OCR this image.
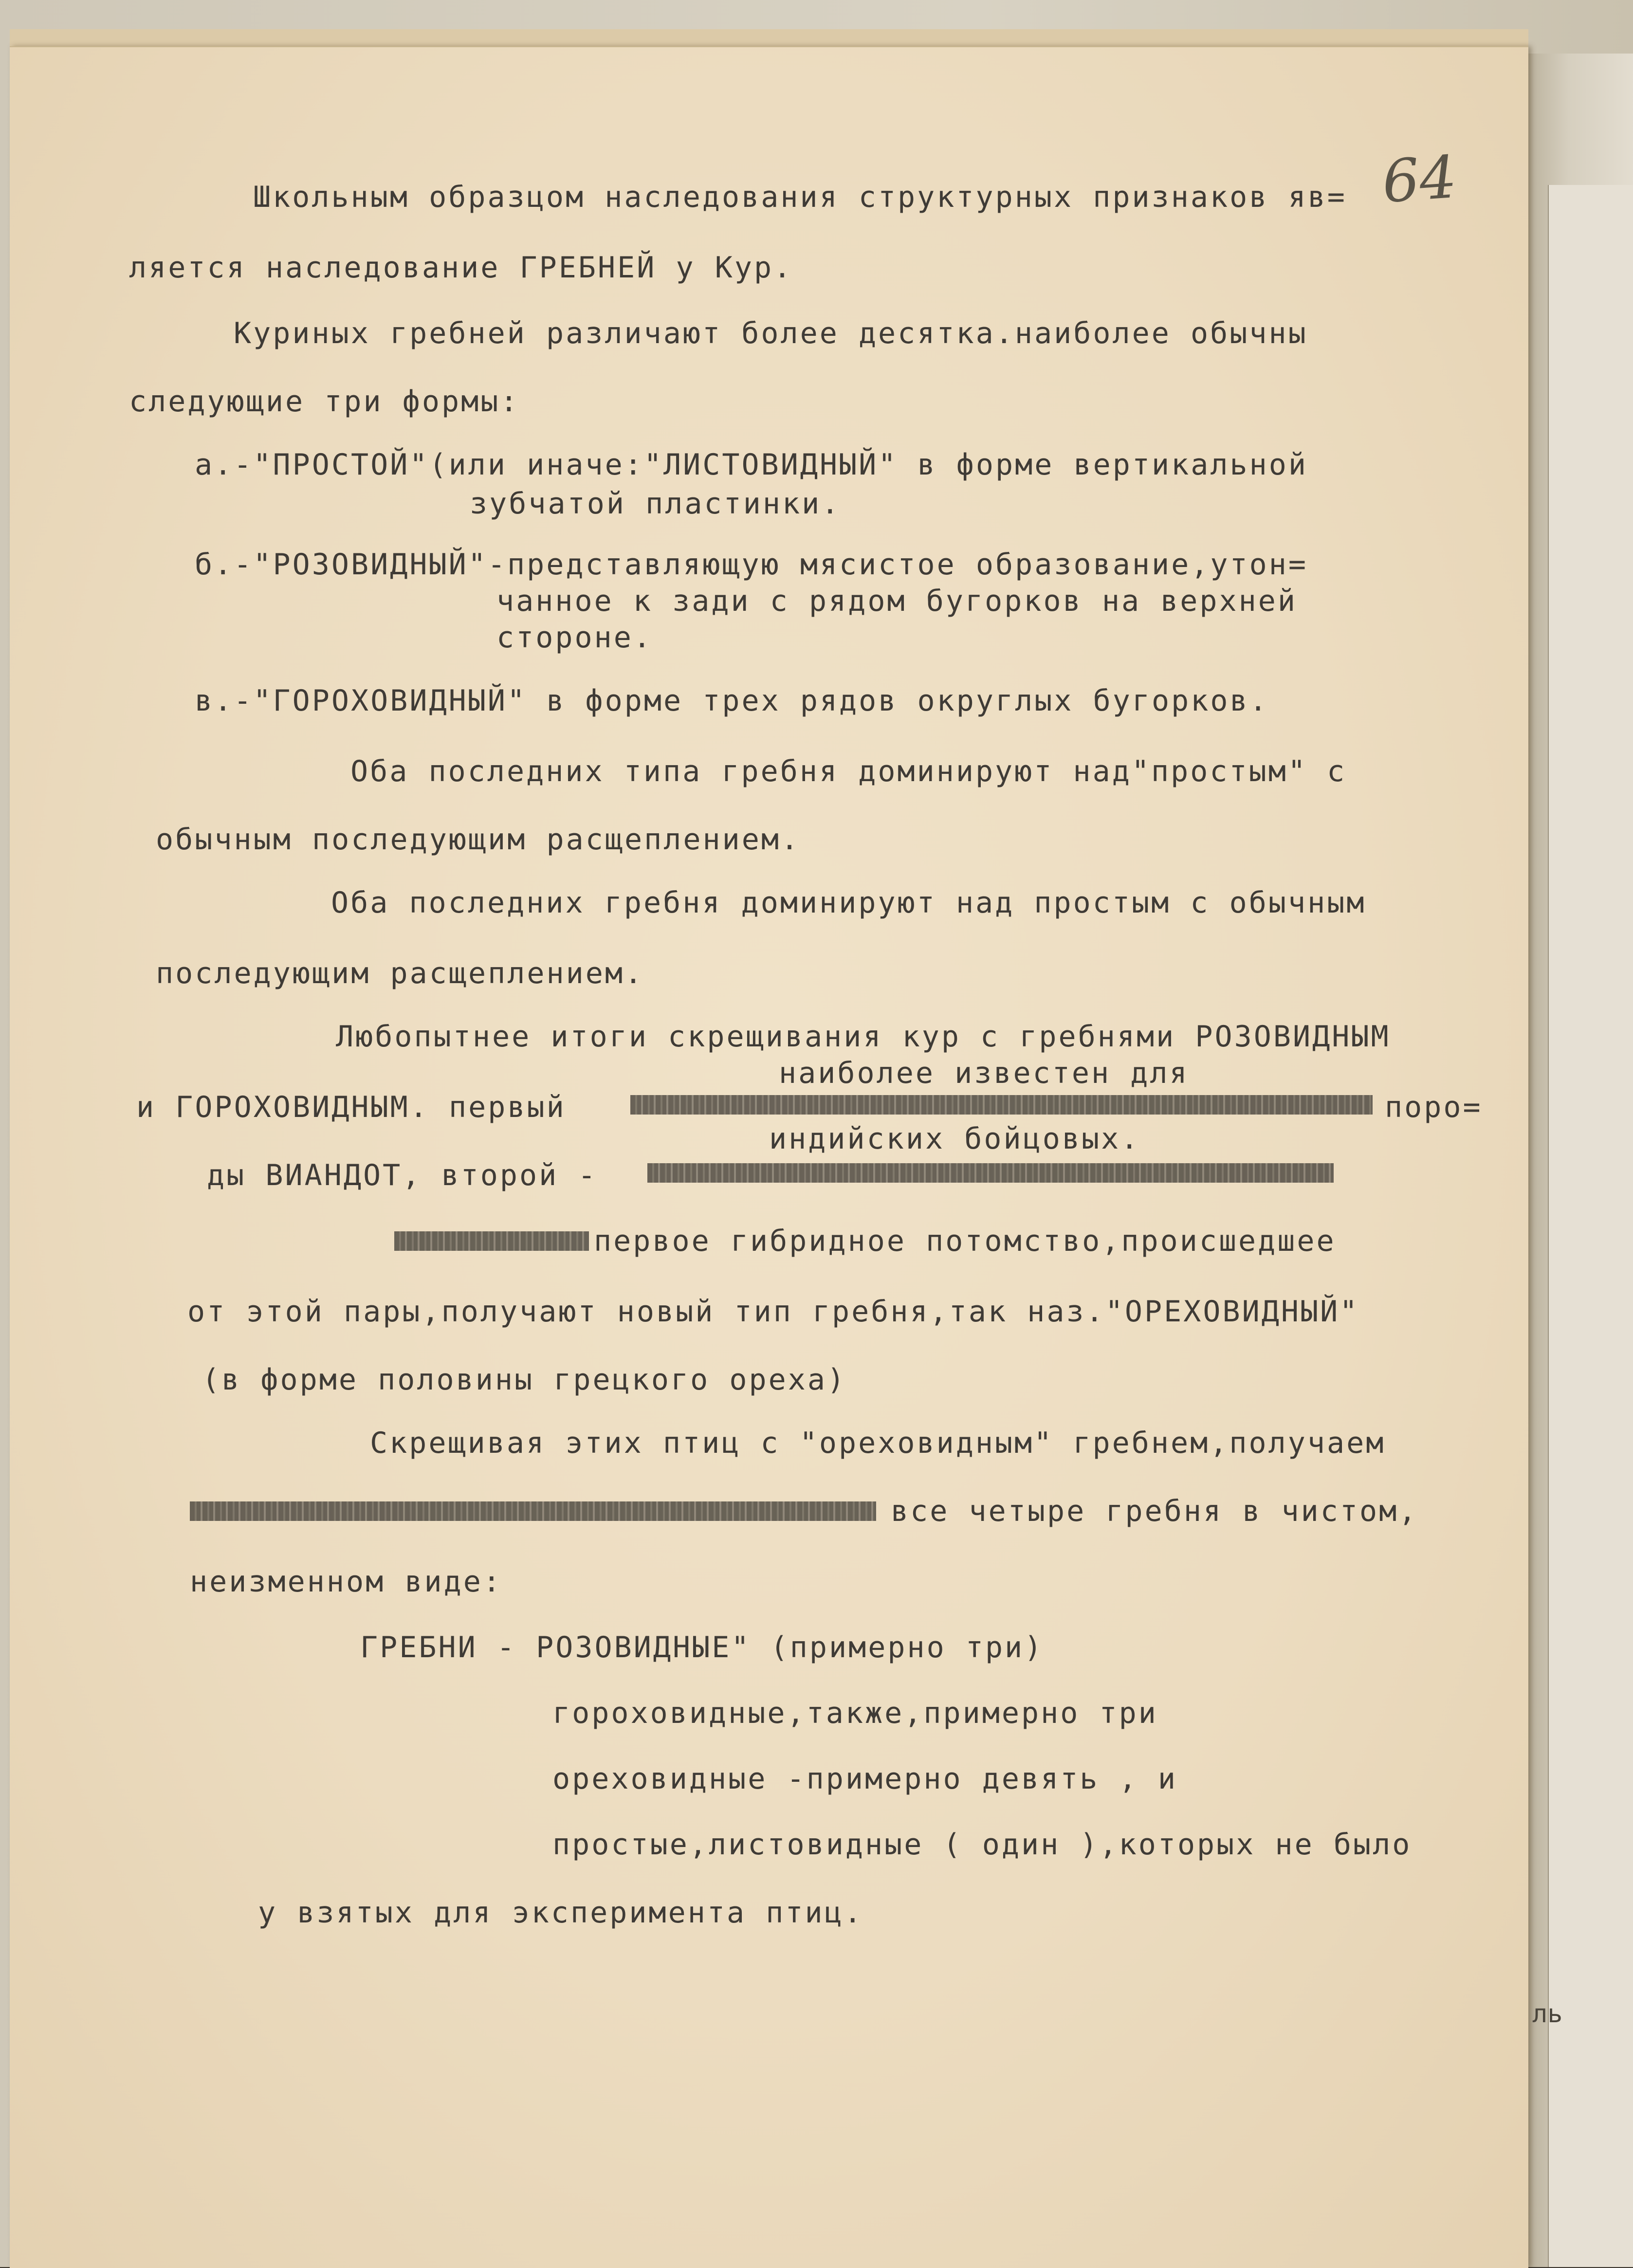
ль
64
Школьным образцом наследования структурных признаков яв=
ляется наследование ГРЕБНЕЙ у Кур.
Куриных гребней различают более десятка.наиболее обычны
следующие три формы:
а.-"ПРОСТОЙ"(или иначе:"ЛИСТОВИДНЫЙ" в форме вертикальной
зубчатой пластинки.
б.-"РОЗОВИДНЫЙ"-представляющую мясистое образование,утон=
чанное к зади с рядом бугорков на верхней
стороне.
в.-"ГОРОХОВИДНЫЙ" в форме трех рядов округлых бугорков.
Оба последних типа гребня доминируют над"простым" с
обычным последующим расщеплением.
Оба последних гребня доминируют над простым с обычным
последующим расщеплением.
Любопытнее итоги скрещивания кур с гребнями РОЗОВИДНЫМ
наиболее известен для
и ГОРОХОВИДНЫМ. первый	поро=
индийских бойцовых.
ды ВИАНДОТ, второй -
первое гибридное потомство,происшедшее
от этой пары,получают новый тип гребня,так наз."ОРЕХОВИДНЫЙ"
(в форме половины грецкого ореха)
Скрещивая этих птиц с "ореховидным" гребнем,получаем
все четыре гребня в чистом,
неизменном виде:
ГРЕБНИ - РОЗОВИДНЫЕ" (примерно три)
гороховидные,также,примерно три
ореховидные -примерно девять , и
простые,листовидные ( один ),которых не было
у взятых для эксперимента птиц.
